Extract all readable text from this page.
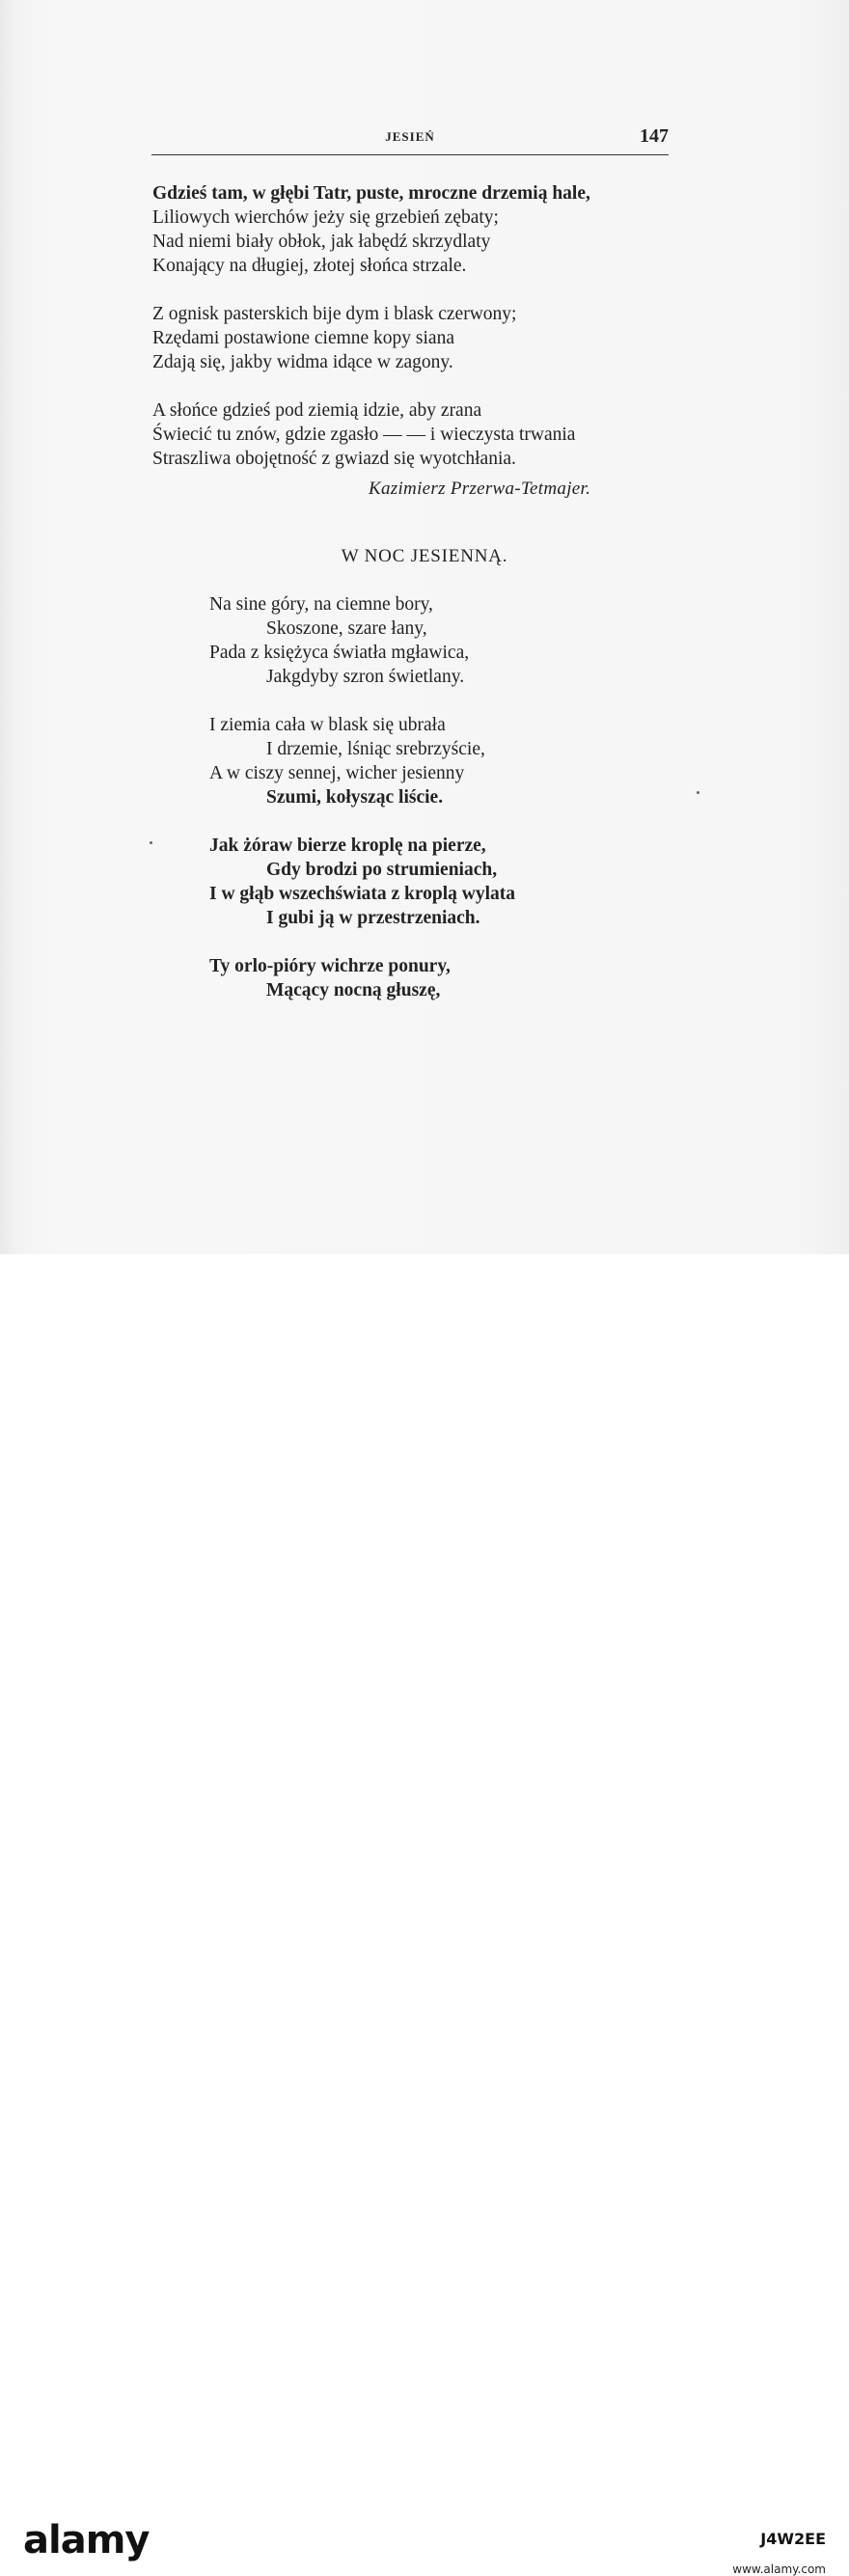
JESIEŃ	147
Gdzieś tam, w głębi Tatr, puste, mroczne drzemią hale,
Liliowych wierchów jeży się grzebień zębaty;
Nad niemi biały obłok, jak łabędź skrzydlaty
Konający na długiej, złotej słońca strzale.
Z ognisk pasterskich bije dym i blask czerwony;
Rzędami postawione ciemne kopy siana
Zdają się, jakby widma idące w zagony.
A słońce gdzieś pod ziemią idzie, aby zrana
Świecić tu znów, gdzie zgasło — — i wieczysta trwania
Straszliwa obojętność z gwiazd się wyotchłania.
Kazimierz Przerwa-Tetmajer.
W NOC JESIENNĄ.
Na sine góry, na ciemne bory,
Skoszone, szare łany,
Pada z księżyca światła mgławica,
Jakgdyby szron świetlany.
I ziemia cała w blask się ubrała
I drzemie, lśniąc srebrzyście,
A w ciszy sennej, wicher jesienny
Szumi, kołysząc liście.
Jak żóraw bierze kroplę na pierze,
Gdy brodzi po strumieniach,
I w głąb wszechświata z kroplą wylata
I gubi ją w przestrzeniach.
Ty orlo-pióry wichrze ponury,
Mącący nocną głuszę,
alamy	J4W2EE
www.alamy.com
